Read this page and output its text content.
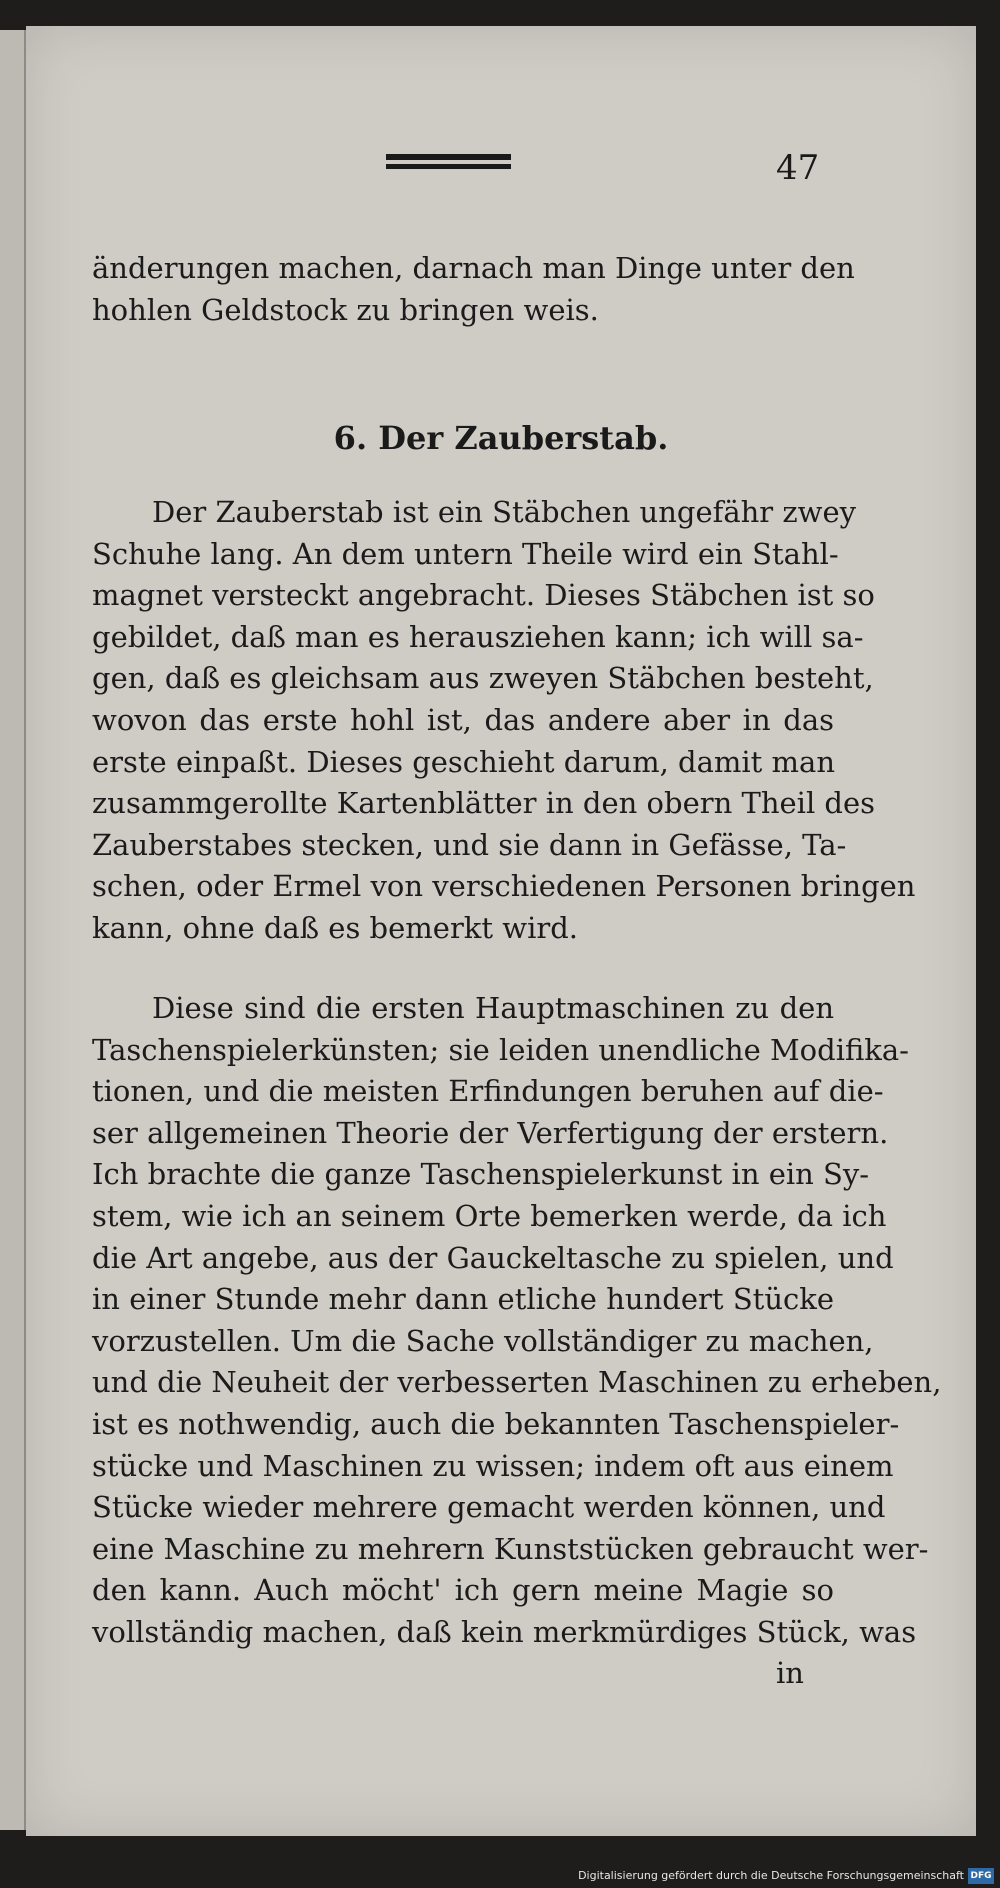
47
änderungen machen, darnach man Dinge unter den
hohlen Geldstock zu bringen weis.
6. Der Zauberstab.
Der Zauberstab ist ein Stäbchen ungefähr zwey
Schuhe lang. An dem untern Theile wird ein Stahl-
magnet versteckt angebracht. Dieses Stäbchen ist so
gebildet, daß man es herausziehen kann; ich will sa-
gen, daß es gleichsam aus zweyen Stäbchen besteht,
wovon das erste hohl ist, das andere aber in das
erste einpaßt. Dieses geschieht darum, damit man
zusammgerollte Kartenblätter in den obern Theil des
Zauberstabes stecken, und sie dann in Gefässe, Ta-
schen, oder Ermel von verschiedenen Personen bringen
kann, ohne daß es bemerkt wird.
Diese sind die ersten Hauptmaschinen zu den
Taschenspielerkünsten; sie leiden unendliche Modifika-
tionen, und die meisten Erfindungen beruhen auf die-
ser allgemeinen Theorie der Verfertigung der erstern.
Ich brachte die ganze Taschenspielerkunst in ein Sy-
stem, wie ich an seinem Orte bemerken werde, da ich
die Art angebe, aus der Gauckeltasche zu spielen, und
in einer Stunde mehr dann etliche hundert Stücke
vorzustellen. Um die Sache vollständiger zu machen,
und die Neuheit der verbesserten Maschinen zu erheben,
ist es nothwendig, auch die bekannten Taschenspieler-
stücke und Maschinen zu wissen; indem oft aus einem
Stücke wieder mehrere gemacht werden können, und
eine Maschine zu mehrern Kunststücken gebraucht wer-
den kann. Auch möcht' ich gern meine Magie so
vollständig machen, daß kein merkmürdiges Stück, was
in
Digitalisierung gefördert durch die Deutsche Forschungsgemeinschaft DFG
